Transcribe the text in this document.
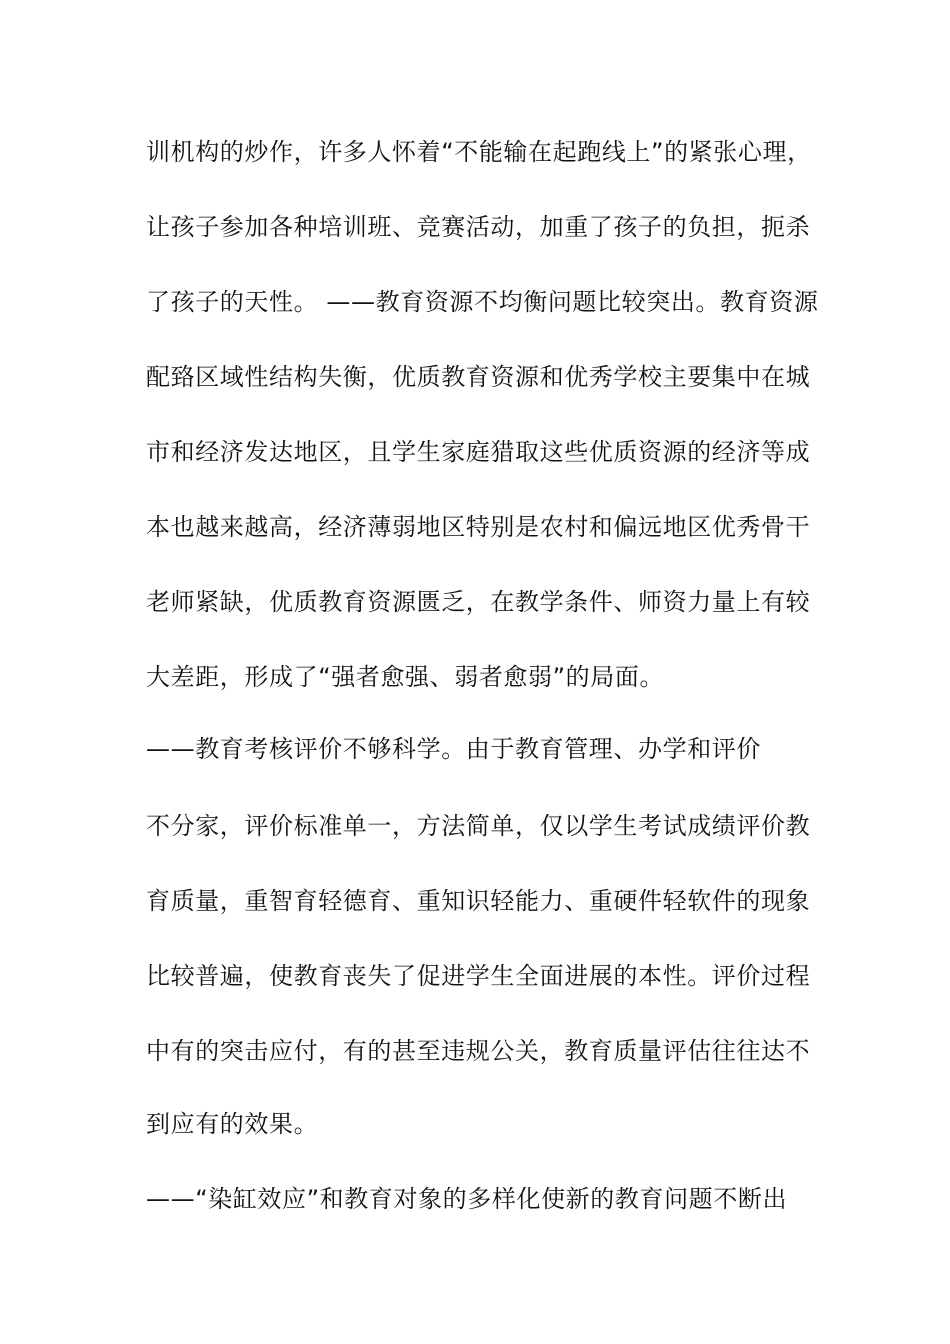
训机构的炒作，许多人怀着“不能输在起跑线上”的紧张心理，
让孩子参加各种培训班、竞赛活动，加重了孩子的负担，扼杀
了孩子的天性。 ——教育资源不均衡问题比较突出。教育资源
配臵区域性结构失衡，优质教育资源和优秀学校主要集中在城
市和经济发达地区，且学生家庭猎取这些优质资源的经济等成
本也越来越高，经济薄弱地区特别是农村和偏远地区优秀骨干
老师紧缺，优质教育资源匮乏，在教学条件、师资力量上有较
大差距，形成了“强者愈强、弱者愈弱”的局面。
——教育考核评价不够科学。由于教育管理、办学和评价
不分家，评价标准单一，方法简单，仅以学生考试成绩评价教
育质量，重智育轻德育、重知识轻能力、重硬件轻软件的现象
比较普遍，使教育丧失了促进学生全面进展的本性。评价过程
中有的突击应付，有的甚至违规公关，教育质量评估往往达不
到应有的效果。
——“染缸效应”和教育对象的多样化使新的教育问题不断出
